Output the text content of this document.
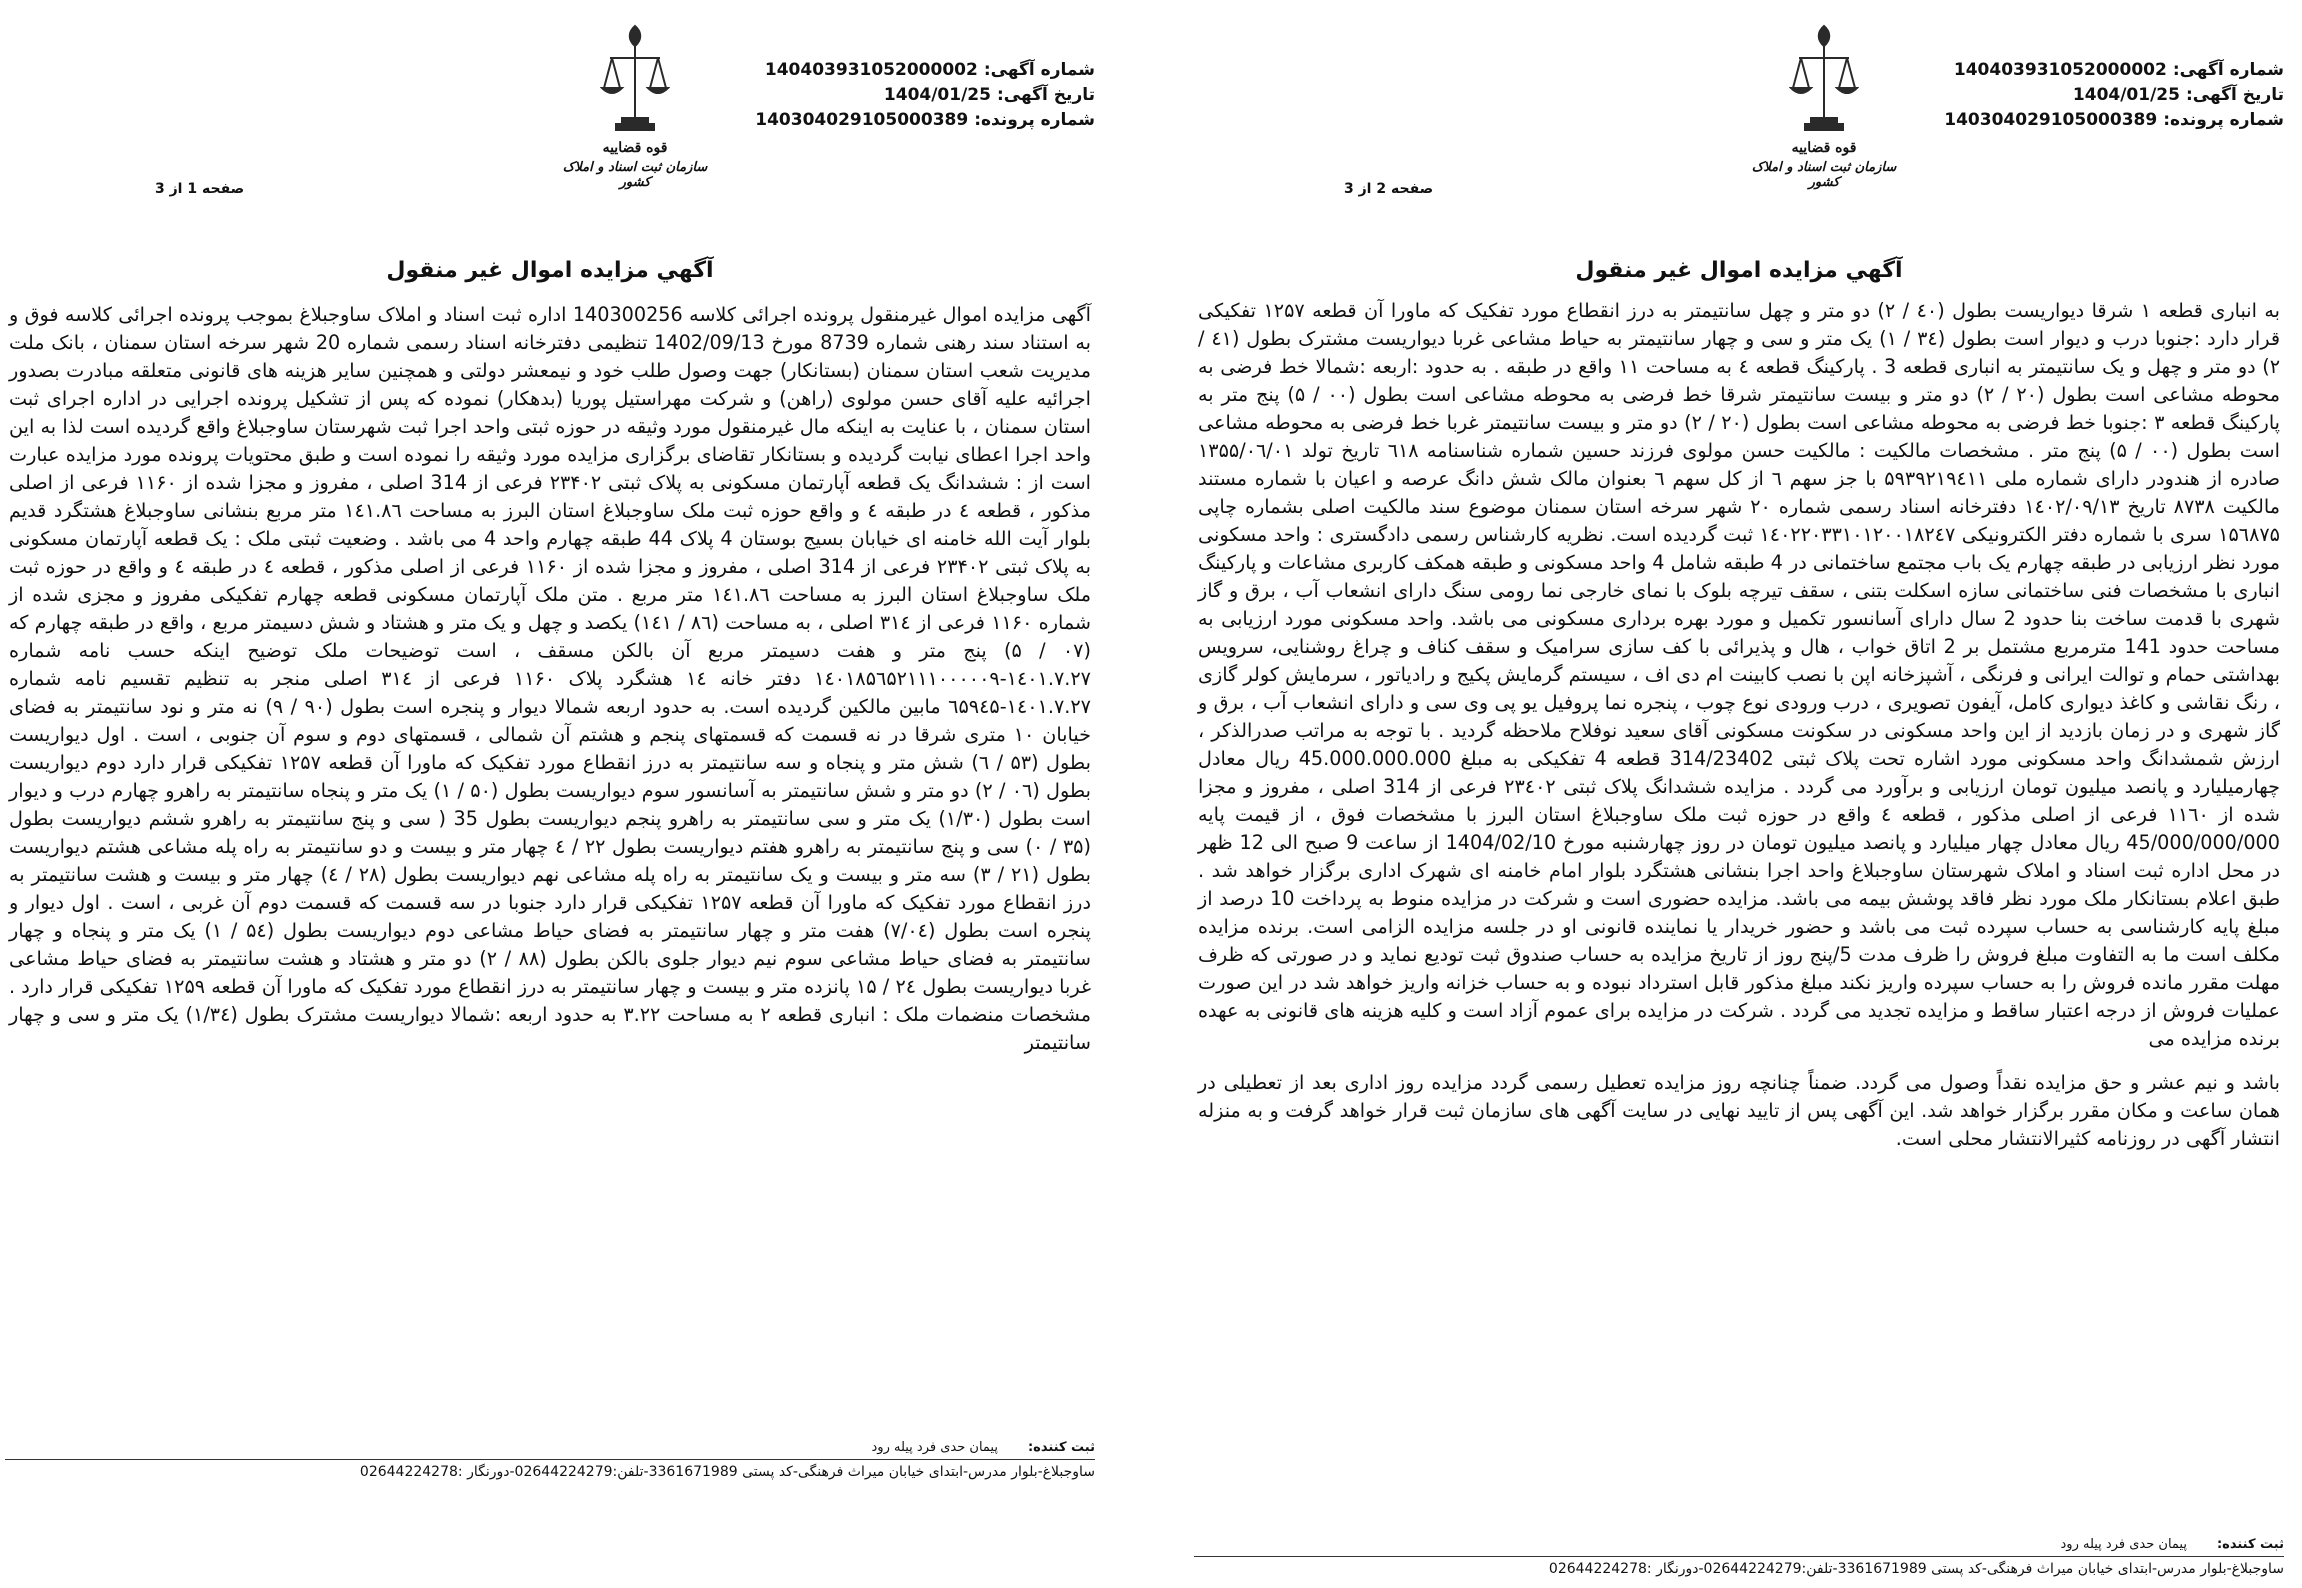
شماره آگهی:140403931052000002
تاریخ آگهی:1404/01/25
شماره پرونده:140304029105000389
قوه قضاییه
سازمان ثبت اسناد و املاک کشور
صفحه 1 از 3
آگهي مزايده اموال غير منقول
آگهی مزایده اموال غیرمنقول پرونده اجرائی کلاسه 140300256 اداره ثبت اسناد و املاک ساوجبلاغ بموجب پرونده اجرائی کلاسه فوق و به استناد سند رهنی شماره 8739 مورخ 1402/09/13 تنظیمی دفترخانه اسناد رسمی شماره 20 شهر سرخه استان سمنان ، بانک ملت مدیریت شعب استان سمنان (بستانکار) جهت وصول طلب خود و نیمعشر دولتی و همچنین سایر هزینه های قانونی متعلقه مبادرت بصدور اجرائیه علیه آقای حسن مولوی (راهن) و شرکت مهراستیل پوریا (بدهکار) نموده که پس از تشکیل پرونده اجرایی در اداره اجرای ثبت استان سمنان ، با عنایت به اینکه مال غیرمنقول مورد وثیقه در حوزه ثبتی واحد اجرا ثبت شهرستان ساوجبلاغ واقع گردیده است لذا به این واحد اجرا اعطای نیابت گردیده و بستانکار تقاضای برگزاری مزایده مورد وثیقه را نموده است و طبق محتویات پرونده مورد مزایده عبارت است از : ششدانگ یک قطعه آپارتمان مسکونی به پلاک ثبتی ۲۳۴۰۲ فرعی از 314 اصلی ، مفروز و مجزا شده از ۱۱۶۰ فرعی از اصلی مذکور ، قطعه ٤ در طبقه ٤ و واقع حوزه ثبت ملک ساوجبلاغ استان البرز به مساحت ۱٤۱.۸٦ متر مربع بنشانی ساوجبلاغ هشتگرد قدیم بلوار آیت الله خامنه ای خیابان بسیج بوستان 4 پلاک 44 طبقه چهارم واحد 4 می باشد . وضعیت ثبتی ملک : یک قطعه آپارتمان مسکونی به پلاک ثبتی ۲۳۴۰۲ فرعی از 314 اصلی ، مفروز و مجزا شده از ۱۱۶۰ فرعی از اصلی مذکور ، قطعه ٤ در طبقه ٤ و واقع در حوزه ثبت ملک ساوجبلاغ استان البرز به مساحت ۱٤۱.۸٦ متر مربع . متن ملک آپارتمان مسکونی قطعه چهارم تفکیکی مفروز و مجزی شده از شماره ۱۱۶۰ فرعی از ۳۱٤ اصلی ، به مساحت (۸٦ / ۱٤۱) یکصد و چهل و یک متر و هشتاد و شش دسیمتر مربع ، واقع در طبقه چهارم که (۰۷ / ۵) پنج متر و هفت دسیمتر مربع آن بالکن مسقف ، است توضیحات ملک توضیح اینکه حسب نامه شماره ۱٤۰۱.۷.۲۷-۱٤۰۱۸۵٦۵۲۱۱۱۰۰۰۰۰۹ دفتر خانه ۱٤ هشگرد پلاک ۱۱۶۰ فرعی از ۳۱٤ اصلی منجر به تنظیم تقسیم نامه شماره ۱٤۰۱.۷.۲۷-٦۵۹٤۵ مابین مالکین گردیده است. به حدود اربعه شمالا دیوار و پنجره است بطول (۹۰ / ۹) نه متر و نود سانتیمتر به فضای خیابان ۱۰ متری شرقا در نه قسمت که قسمتهای پنجم و هشتم آن شمالی ، قسمتهای دوم و سوم آن جنوبی ، است . اول دیواریست بطول (۵۳ / ٦) شش متر و پنجاه و سه سانتیمتر به درز انقطاع مورد تفکیک که ماورا آن قطعه ۱۲۵۷ تفکیکی قرار دارد دوم دیواریست بطول (۰٦ / ۲) دو متر و شش سانتیمتر به آسانسور سوم دیواریست بطول (۵۰ / ۱) یک متر و پنجاه سانتیمتر به راهرو چهارم درب و دیوار است بطول (۱/۳۰) یک متر و سی سانتیمتر به راهرو پنجم دیواریست بطول 35 ( سی و پنج سانتیمتر به راهرو ششم دیواریست بطول (۳۵ / ۰) سی و پنج سانتیمتر به راهرو هفتم دیواریست بطول ۲۲ / ٤ چهار متر و بیست و دو سانتیمتر به راه پله مشاعی هشتم دیواریست بطول (۲۱ / ۳) سه متر و بیست و یک سانتیمتر به راه پله مشاعی نهم دیواریست بطول (۲۸ / ٤) چهار متر و بیست و هشت سانتیمتر به درز انقطاع مورد تفکیک که ماورا آن قطعه ۱۲۵۷ تفکیکی قرار دارد جنوبا در سه قسمت که قسمت دوم آن غربی ، است . اول دیوار و پنجره است بطول (۷/۰٤) هفت متر و چهار سانتیمتر به فضای حیاط مشاعی دوم دیواریست بطول (۵٤ / ۱) یک متر و پنجاه و چهار سانتیمتر به فضای حیاط مشاعی سوم نیم دیوار جلوی بالکن بطول (۸۸ / ۲) دو متر و هشتاد و هشت سانتیمتر به فضای حیاط مشاعی غربا دیواریست بطول ۲٤ / ۱۵ پانزده متر و بیست و چهار سانتیمتر به درز انقطاع مورد تفکیک که ماورا آن قطعه ۱۲۵۹ تفکیکی قرار دارد . مشخصات منضمات ملک : انباری قطعه ۲ به مساحت ۳.۲۲ به حدود اربعه :شمالا دیواریست مشترک بطول (۱/۳٤) یک متر و سی و چهار سانتیمتر
ثبت کننده:پیمان حدی فرد پیله رود
ساوجبلاغ-بلوار مدرس-ابتدای خیابان میراث فرهنگی-کد پستی 3361671989-تلفن:02644224279-دورنگار :02644224278
شماره آگهی:140403931052000002
تاریخ آگهی:1404/01/25
شماره پرونده:140304029105000389
قوه قضاییه
سازمان ثبت اسناد و املاک کشور
صفحه 2 از 3
آگهي مزايده اموال غير منقول
به انباری قطعه ۱ شرقا دیواریست بطول (٤۰ / ۲) دو متر و چهل سانتیمتر به درز انقطاع مورد تفکیک که ماورا آن قطعه ۱۲۵۷ تفکیکی قرار دارد :جنوبا درب و دیوار است بطول (۳٤ / ۱) یک متر و سی و چهار سانتیمتر به حیاط مشاعی غربا دیواریست مشترک بطول (٤۱ / ۲) دو متر و چهل و یک سانتیمتر به انباری قطعه 3 . پارکینگ قطعه ٤ به مساحت ۱۱ واقع در طبقه . به حدود :اربعه :شمالا خط فرضی به محوطه مشاعی است بطول (۲۰ / ۲) دو متر و بیست سانتیمتر شرقا خط فرضی به محوطه مشاعی است بطول (۰۰ / ۵) پنج متر به پارکینگ قطعه ۳ :جنوبا خط فرضی به محوطه مشاعی است بطول (۲۰ / ۲) دو متر و بیست سانتیمتر غربا خط فرضی به محوطه مشاعی است بطول (۰۰ / ۵) پنج متر . مشخصات مالکیت : مالکیت حسن مولوی فرزند حسین شماره شناسنامه ٦۱۸ تاریخ تولد ۱۳۵۵/۰٦/۰۱ صادره از هندودر دارای شماره ملی ۵۹۳۹۲۱۹٤۱۱ با جز سهم ٦ از کل سهم ٦ بعنوان مالک شش دانگ عرصه و اعیان با شماره مستند مالکیت ۸۷۳۸ تاریخ ۱٤۰۲/۰۹/۱۳ دفترخانه اسناد رسمی شماره ۲۰ شهر سرخه استان سمنان موضوع سند مالکیت اصلی بشماره چاپی ۱۵٦۸۷۵ سری با شماره دفتر الکترونیکی ۱٤۰۲۲۰۳۳۱۰۱۲۰۰۱۸۲٤۷ ثبت گردیده است. نظریه کارشناس رسمی دادگستری : واحد مسکونی مورد نظر ارزیابی در طبقه چهارم یک باب مجتمع ساختمانی در 4 طبقه شامل 4 واحد مسکونی و طبقه همکف کاربری مشاعات و پارکینگ انباری با مشخصات فنی ساختمانی سازه اسکلت بتنی ، سقف تیرچه بلوک با نمای خارجی نما رومی سنگ دارای انشعاب آب ، برق و گاز شهری با قدمت ساخت بنا حدود 2 سال دارای آسانسور تکمیل و مورد بهره برداری مسکونی می باشد. واحد مسکونی مورد ارزیابی به مساحت حدود 141 مترمربع مشتمل بر 2 اتاق خواب ، هال و پذیرائی با کف سازی سرامیک و سقف کناف و چراغ روشنایی، سرویس بهداشتی حمام و توالت ایرانی و فرنگی ، آشپزخانه اپن با نصب کابینت ام دی اف ، سیستم گرمایش پکیج و رادیاتور ، سرمایش کولر گازی ، رنگ نقاشی و کاغذ دیواری کامل، آیفون تصویری ، درب ورودی نوع چوب ، پنجره نما پروفیل یو پی وی سی و دارای انشعاب آب ، برق و گاز شهری و در زمان بازدید از این واحد مسکونی در سکونت مسکونی آقای سعید نوفلاح ملاحظه گردید . با توجه به مراتب صدرالذکر ، ارزش شمشدانگ واحد مسکونی مورد اشاره تحت پلاک ثبتی 314/23402 قطعه 4 تفکیکی به مبلغ 45.000.000.000 ریال معادل چهارمیلیارد و پانصد میلیون تومان ارزیابی و برآورد می گردد . مزایده ششدانگ پلاک ثبتی ۲۳٤۰۲ فرعی از 314 اصلی ، مفروز و مجزا شده از ۱۱٦۰ فرعی از اصلی مذکور ، قطعه ٤ واقع در حوزه ثبت ملک ساوجبلاغ استان البرز با مشخصات فوق ، از قیمت پایه 45/000/000/000 ریال معادل چهار میلیارد و پانصد میلیون تومان در روز چهارشنبه مورخ 1404/02/10 از ساعت 9 صبح الی 12 ظهر در محل اداره ثبت اسناد و املاک شهرستان ساوجبلاغ واحد اجرا بنشانی هشتگرد بلوار امام خامنه ای شهرک اداری برگزار خواهد شد . طبق اعلام بستانکار ملک مورد نظر فاقد پوشش بیمه می باشد. مزایده حضوری است و شرکت در مزایده منوط به پرداخت 10 درصد از مبلغ پایه کارشناسی به حساب سپرده ثبت می باشد و حضور خریدار یا نماینده قانونی او در جلسه مزایده الزامی است. برنده مزایده مکلف است ما به التفاوت مبلغ فروش را ظرف مدت 5/پنج روز از تاریخ مزایده به حساب صندوق ثبت توديع نماید و در صورتی که ظرف مهلت مقرر مانده فروش را به حساب سپرده واریز نکند مبلغ مذکور قابل استرداد نبوده و به حساب خزانه واریز خواهد شد در این صورت عملیات فروش از درجه اعتبار ساقط و مزایده تجدید می گردد . شرکت در مزایده برای عموم آزاد است و کلیه هزینه های قانونی به عهده برنده مزایده می
باشد و نیم عشر و حق مزایده نقداً وصول می گردد. ضمناً چنانچه روز مزایده تعطیل رسمی گردد مزایده روز اداری بعد از تعطیلی در همان ساعت و مکان مقرر برگزار خواهد شد. این آگهی پس از تایید نهایی در سایت آگهی های سازمان ثبت قرار خواهد گرفت و به منزله انتشار آگهی در روزنامه کثیرالانتشار محلی است.
ثبت کننده:پیمان حدی فرد پیله رود
ساوجبلاغ-بلوار مدرس-ابتدای خیابان میراث فرهنگی-کد پستی 3361671989-تلفن:02644224279-دورنگار :02644224278
